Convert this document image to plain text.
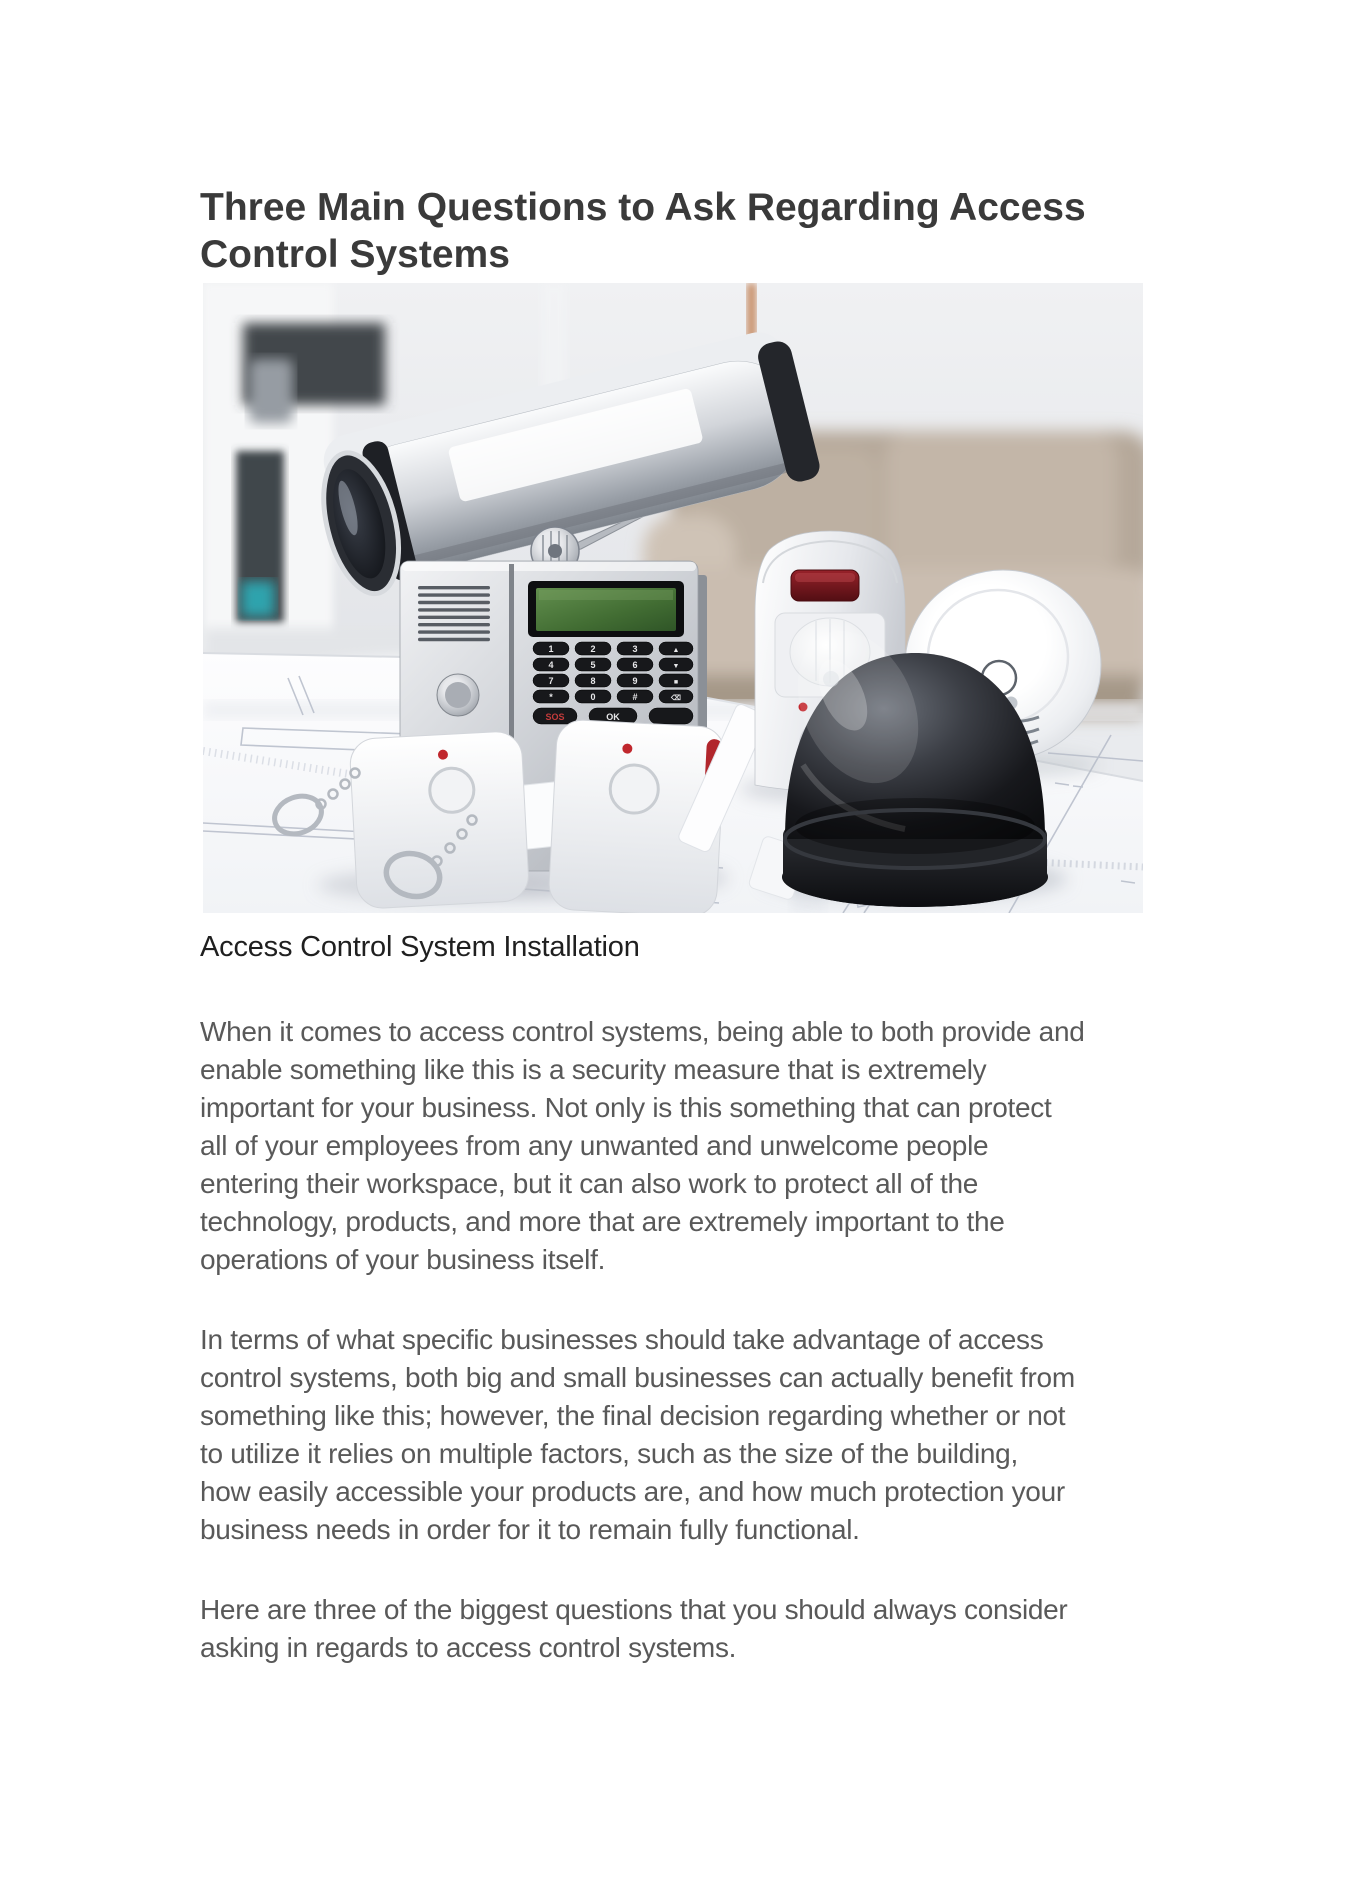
Three Main Questions to Ask Regarding Access
Control Systems
1	2	3	▲
4	5	6	▼
7	8	9	■
*	0	#	⌫
SOS	OK
Access Control System Installation
When it comes to access control systems, being able to both provide and
enable something like this is a security measure that is extremely
important for your business. Not only is this something that can protect
all of your employees from any unwanted and unwelcome people
entering their workspace, but it can also work to protect all of the
technology, products, and more that are extremely important to the
operations of your business itself.
In terms of what specific businesses should take advantage of access
control systems, both big and small businesses can actually benefit from
something like this; however, the final decision regarding whether or not
to utilize it relies on multiple factors, such as the size of the building,
how easily accessible your products are, and how much protection your
business needs in order for it to remain fully functional.
Here are three of the biggest questions that you should always consider
asking in regards to access control systems.
